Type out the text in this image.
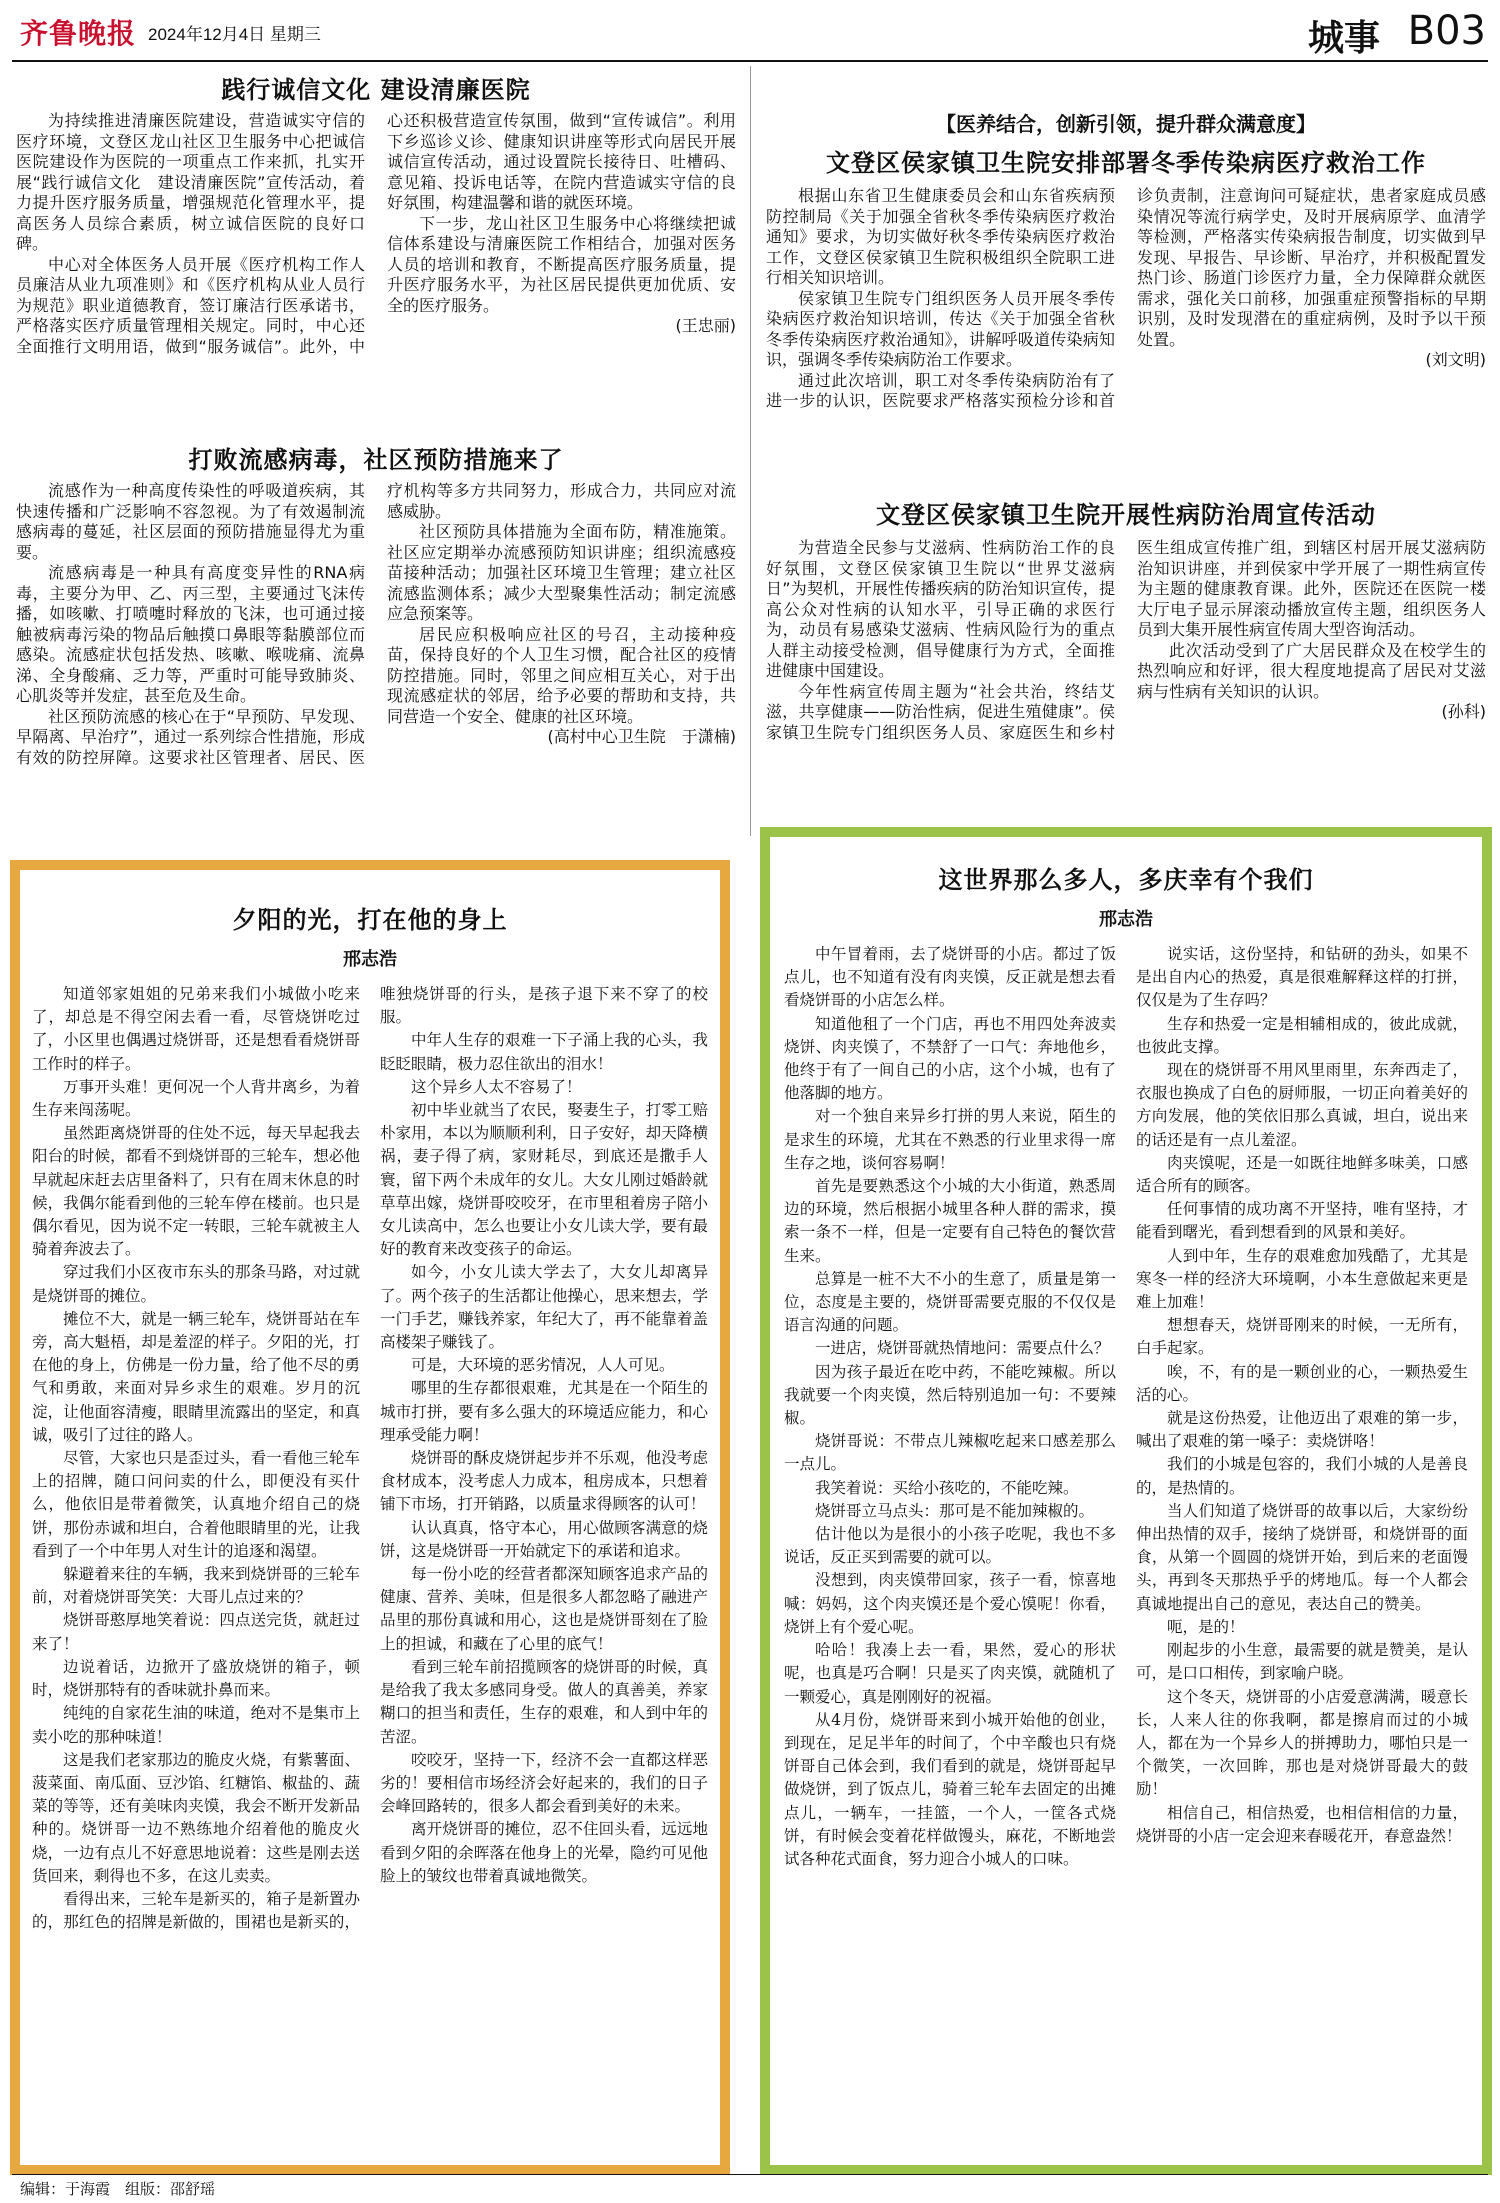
齐鲁晚报 2024年12月4日 星期三	城事 B03
践行诚信文化 建设清廉医院

为持续推进清廉医院建设，营造诚实守信的医疗环境，文登区龙山社区卫生服务中心把诚信医院建设作为医院的一项重点工作来抓，扎实开展“践行诚信文化　建设清廉医院”宣传活动，着力提升医疗服务质量，增强规范化管理水平，提高医务人员综合素质，树立诚信医院的良好口碑。

中心对全体医务人员开展《医疗机构工作人员廉洁从业九项准则》和《医疗机构从业人员行为规范》职业道德教育，签订廉洁行医承诺书，严格落实医疗质量管理相关规定。同时，中心还全面推行文明用语，做到“服务诚信”。此外，中心还积极营造宣传氛围，做到“宣传诚信”。利用下乡巡诊义诊、健康知识讲座等形式向居民开展诚信宣传活动，通过设置院长接待日、吐槽码、意见箱、投诉电话等，在院内营造诚实守信的良好氛围，构建温馨和谐的就医环境。

下一步，龙山社区卫生服务中心将继续把诚信体系建设与清廉医院工作相结合，加强对医务人员的培训和教育，不断提高医疗服务质量，提升医疗服务水平，为社区居民提供更加优质、安全的医疗服务。

(王忠丽)
打败流感病毒，社区预防措施来了

流感作为一种高度传染性的呼吸道疾病，其快速传播和广泛影响不容忽视。为了有效遏制流感病毒的蔓延，社区层面的预防措施显得尤为重要。

流感病毒是一种具有高度变异性的RNA病毒，主要分为甲、乙、丙三型，主要通过飞沫传播，如咳嗽、打喷嚏时释放的飞沫，也可通过接触被病毒污染的物品后触摸口鼻眼等黏膜部位而感染。流感症状包括发热、咳嗽、喉咙痛、流鼻涕、全身酸痛、乏力等，严重时可能导致肺炎、心肌炎等并发症，甚至危及生命。

社区预防流感的核心在于“早预防、早发现、早隔离、早治疗”，通过一系列综合性措施，形成有效的防控屏障。这要求社区管理者、居民、医疗机构等多方共同努力，形成合力，共同应对流感威胁。

社区预防具体措施为全面布防，精准施策。社区应定期举办流感预防知识讲座；组织流感疫苗接种活动；加强社区环境卫生管理；建立社区流感监测体系；减少大型聚集性活动；制定流感应急预案等。

居民应积极响应社区的号召，主动接种疫苗，保持良好的个人卫生习惯，配合社区的疫情防控措施。同时，邻里之间应相互关心，对于出现流感症状的邻居，给予必要的帮助和支持，共同营造一个安全、健康的社区环境。

(高村中心卫生院　于潇楠)
【医养结合，创新引领，提升群众满意度】
文登区侯家镇卫生院安排部署冬季传染病医疗救治工作

根据山东省卫生健康委员会和山东省疾病预防控制局《关于加强全省秋冬季传染病医疗救治通知》要求，为切实做好秋冬季传染病医疗救治工作，文登区侯家镇卫生院积极组织全院职工进行相关知识培训。

侯家镇卫生院专门组织医务人员开展冬季传染病医疗救治知识培训，传达《关于加强全省秋冬季传染病医疗救治通知》，讲解呼吸道传染病知识，强调冬季传染病防治工作要求。

通过此次培训，职工对冬季传染病防治有了进一步的认识，医院要求严格落实预检分诊和首诊负责制，注意询问可疑症状，患者家庭成员感染情况等流行病学史，及时开展病原学、血清学等检测，严格落实传染病报告制度，切实做到早发现、早报告、早诊断、早治疗，并积极配置发热门诊、肠道门诊医疗力量，全力保障群众就医需求，强化关口前移，加强重症预警指标的早期识别，及时发现潜在的重症病例，及时予以干预处置。

(刘文明)
文登区侯家镇卫生院开展性病防治周宣传活动

为营造全民参与艾滋病、性病防治工作的良好氛围，文登区侯家镇卫生院以“世界艾滋病日”为契机，开展性传播疾病的防治知识宣传，提高公众对性病的认知水平，引导正确的求医行为，动员有易感染艾滋病、性病风险行为的重点人群主动接受检测，倡导健康行为方式，全面推进健康中国建设。

今年性病宣传周主题为“社会共治，终结艾滋，共享健康——防治性病，促进生殖健康”。侯家镇卫生院专门组织医务人员、家庭医生和乡村医生组成宣传推广组，到辖区村居开展艾滋病防治知识讲座，并到侯家中学开展了一期性病宣传为主题的健康教育课。此外，医院还在医院一楼大厅电子显示屏滚动播放宣传主题，组织医务人员到大集开展性病宣传周大型咨询活动。

此次活动受到了广大居民群众及在校学生的热烈响应和好评，很大程度地提高了居民对艾滋病与性病有关知识的认识。

(孙科)
夕阳的光，打在他的身上
邢志浩

知道邻家姐姐的兄弟来我们小城做小吃来了，却总是不得空闲去看一看，尽管烧饼吃过了，小区里也偶遇过烧饼哥，还是想看看烧饼哥工作时的样子。

万事开头难！更何况一个人背井离乡，为着生存来闯荡呢。

虽然距离烧饼哥的住处不远，每天早起我去阳台的时候，都看不到烧饼哥的三轮车，想必他早就起床赶去店里备料了，只有在周末休息的时候，我偶尔能看到他的三轮车停在楼前。也只是偶尔看见，因为说不定一转眼，三轮车就被主人骑着奔波去了。

穿过我们小区夜市东头的那条马路，对过就是烧饼哥的摊位。

摊位不大，就是一辆三轮车，烧饼哥站在车旁，高大魁梧，却是羞涩的样子。夕阳的光，打在他的身上，仿佛是一份力量，给了他不尽的勇气和勇敢，来面对异乡求生的艰难。岁月的沉淀，让他面容清瘦，眼睛里流露出的坚定，和真诚，吸引了过往的路人。

尽管，大家也只是歪过头，看一看他三轮车上的招牌，随口问问卖的什么，即便没有买什么，他依旧是带着微笑，认真地介绍自己的烧饼，那份赤诚和坦白，合着他眼睛里的光，让我看到了一个中年男人对生计的追逐和渴望。

躲避着来往的车辆，我来到烧饼哥的三轮车前，对着烧饼哥笑笑：大哥儿点过来的？

烧饼哥憨厚地笑着说：四点送完货，就赶过来了！

边说着话，边掀开了盛放烧饼的箱子，顿时，烧饼那特有的香味就扑鼻而来。

纯纯的自家花生油的味道，绝对不是集市上卖小吃的那种味道！

这是我们老家那边的脆皮火烧，有紫薯面、菠菜面、南瓜面、豆沙馅、红糖馅、椒盐的、蔬菜的等等，还有美味肉夹馍，我会不断开发新品种的。烧饼哥一边不熟练地介绍着他的脆皮火烧，一边有点儿不好意思地说着：这些是刚去送货回来，剩得也不多，在这儿卖卖。

看得出来，三轮车是新买的，箱子是新置办的，那红色的招牌是新做的，围裙也是新买的，唯独烧饼哥的行头，是孩子退下来不穿了的校服。

中年人生存的艰难一下子涌上我的心头，我眨眨眼睛，极力忍住欲出的泪水！

这个异乡人太不容易了！

初中毕业就当了农民，娶妻生子，打零工赔朴家用，本以为顺顺利利，日子安好，却天降横祸，妻子得了病，家财耗尽，到底还是撒手人寰，留下两个未成年的女儿。大女儿刚过婚龄就草草出嫁，烧饼哥咬咬牙，在市里租着房子陪小女儿读高中，怎么也要让小女儿读大学，要有最好的教育来改变孩子的命运。

如今，小女儿读大学去了，大女儿却离异了。两个孩子的生活都让他操心，思来想去，学一门手艺，赚钱养家，年纪大了，再不能靠着盖高楼架子赚钱了。

可是，大环境的恶劣情况，人人可见。

哪里的生存都很艰难，尤其是在一个陌生的城市打拼，要有多么强大的环境适应能力，和心理承受能力啊！

烧饼哥的酥皮烧饼起步并不乐观，他没考虑食材成本，没考虑人力成本，租房成本，只想着铺下市场，打开销路，以质量求得顾客的认可！

认认真真，恪守本心，用心做顾客满意的烧饼，这是烧饼哥一开始就定下的承诺和追求。

每一份小吃的经营者都深知顾客追求产品的健康、营养、美味，但是很多人都忽略了融进产品里的那份真诚和用心，这也是烧饼哥刻在了脸上的担诚，和藏在了心里的底气！

看到三轮车前招揽顾客的烧饼哥的时候，真是给我了我太多感同身受。做人的真善美，养家糊口的担当和责任，生存的艰难，和人到中年的苦涩。

咬咬牙，坚持一下，经济不会一直都这样恶劣的！要相信市场经济会好起来的，我们的日子会峰回路转的，很多人都会看到美好的未来。

离开烧饼哥的摊位，忍不住回头看，远远地看到夕阳的余晖落在他身上的光晕，隐约可见他脸上的皱纹也带着真诚地微笑。

这世界那么多人，多庆幸有个我们
邢志浩

中午冒着雨，去了烧饼哥的小店。都过了饭点儿，也不知道有没有肉夹馍，反正就是想去看看烧饼哥的小店怎么样。

知道他租了一个门店，再也不用四处奔波卖烧饼、肉夹馍了，不禁舒了一口气：奔地他乡，他终于有了一间自己的小店，这个小城，也有了他落脚的地方。

对一个独自来异乡打拼的男人来说，陌生的是求生的环境，尤其在不熟悉的行业里求得一席生存之地，谈何容易啊！

首先是要熟悉这个小城的大小街道，熟悉周边的环境，然后根据小城里各种人群的需求，摸索一条不一样，但是一定要有自己特色的餐饮营生来。

总算是一桩不大不小的生意了，质量是第一位，态度是主要的，烧饼哥需要克服的不仅仅是语言沟通的问题。

一进店，烧饼哥就热情地问：需要点什么？

因为孩子最近在吃中药，不能吃辣椒。所以我就要一个肉夹馍，然后特别追加一句：不要辣椒。

烧饼哥说：不带点儿辣椒吃起来口感差那么一点儿。

我笑着说：买给小孩吃的，不能吃辣。

烧饼哥立马点头：那可是不能加辣椒的。

估计他以为是很小的小孩子吃呢，我也不多说话，反正买到需要的就可以。

没想到，肉夹馍带回家，孩子一看，惊喜地喊：妈妈，这个肉夹馍还是个爱心馍呢！你看，烧饼上有个爱心呢。

哈哈！我凑上去一看，果然，爱心的形状呢，也真是巧合啊！只是买了肉夹馍，就随机了一颗爱心，真是刚刚好的祝福。

从4月份，烧饼哥来到小城开始他的创业，到现在，足足半年的时间了，个中辛酸也只有烧饼哥自己体会到，我们看到的就是，烧饼哥起早做烧饼，到了饭点儿，骑着三轮车去固定的出摊点儿，一辆车，一挂篮，一个人，一筐各式烧饼，有时候会变着花样做馒头，麻花，不断地尝试各种花式面食，努力迎合小城人的口味。

说实话，这份坚持，和钻研的劲头，如果不是出自内心的热爱，真是很难解释这样的打拼，仅仅是为了生存吗？

生存和热爱一定是相辅相成的，彼此成就，也彼此支撑。

现在的烧饼哥不用风里雨里，东奔西走了，衣服也换成了白色的厨师服，一切正向着美好的方向发展，他的笑依旧那么真诚，坦白，说出来的话还是有一点儿羞涩。

肉夹馍呢，还是一如既往地鲜多味美，口感适合所有的顾客。

任何事情的成功离不开坚持，唯有坚持，才能看到曙光，看到想看到的风景和美好。

人到中年，生存的艰难愈加残酷了，尤其是寒冬一样的经济大环境啊，小本生意做起来更是难上加难！

想想春天，烧饼哥刚来的时候，一无所有，白手起家。

唉，不，有的是一颗创业的心，一颗热爱生活的心。

就是这份热爱，让他迈出了艰难的第一步，喊出了艰难的第一嗓子：卖烧饼咯！

我们的小城是包容的，我们小城的人是善良的，是热情的。

当人们知道了烧饼哥的故事以后，大家纷纷伸出热情的双手，接纳了烧饼哥，和烧饼哥的面食，从第一个圆圆的烧饼开始，到后来的老面馒头，再到冬天那热乎乎的烤地瓜。每一个人都会真诚地提出自己的意见，表达自己的赞美。

呃，是的！

刚起步的小生意，最需要的就是赞美，是认可，是口口相传，到家喻户晓。

这个冬天，烧饼哥的小店爱意满满，暖意长长，人来人往的你我啊，都是擦肩而过的小城人，都在为一个异乡人的拼搏助力，哪怕只是一个微笑，一次回眸，那也是对烧饼哥最大的鼓励！

相信自己，相信热爱，也相信相信的力量，烧饼哥的小店一定会迎来春暖花开，春意盎然！

编辑：于海霞　组版：邵舒瑶
